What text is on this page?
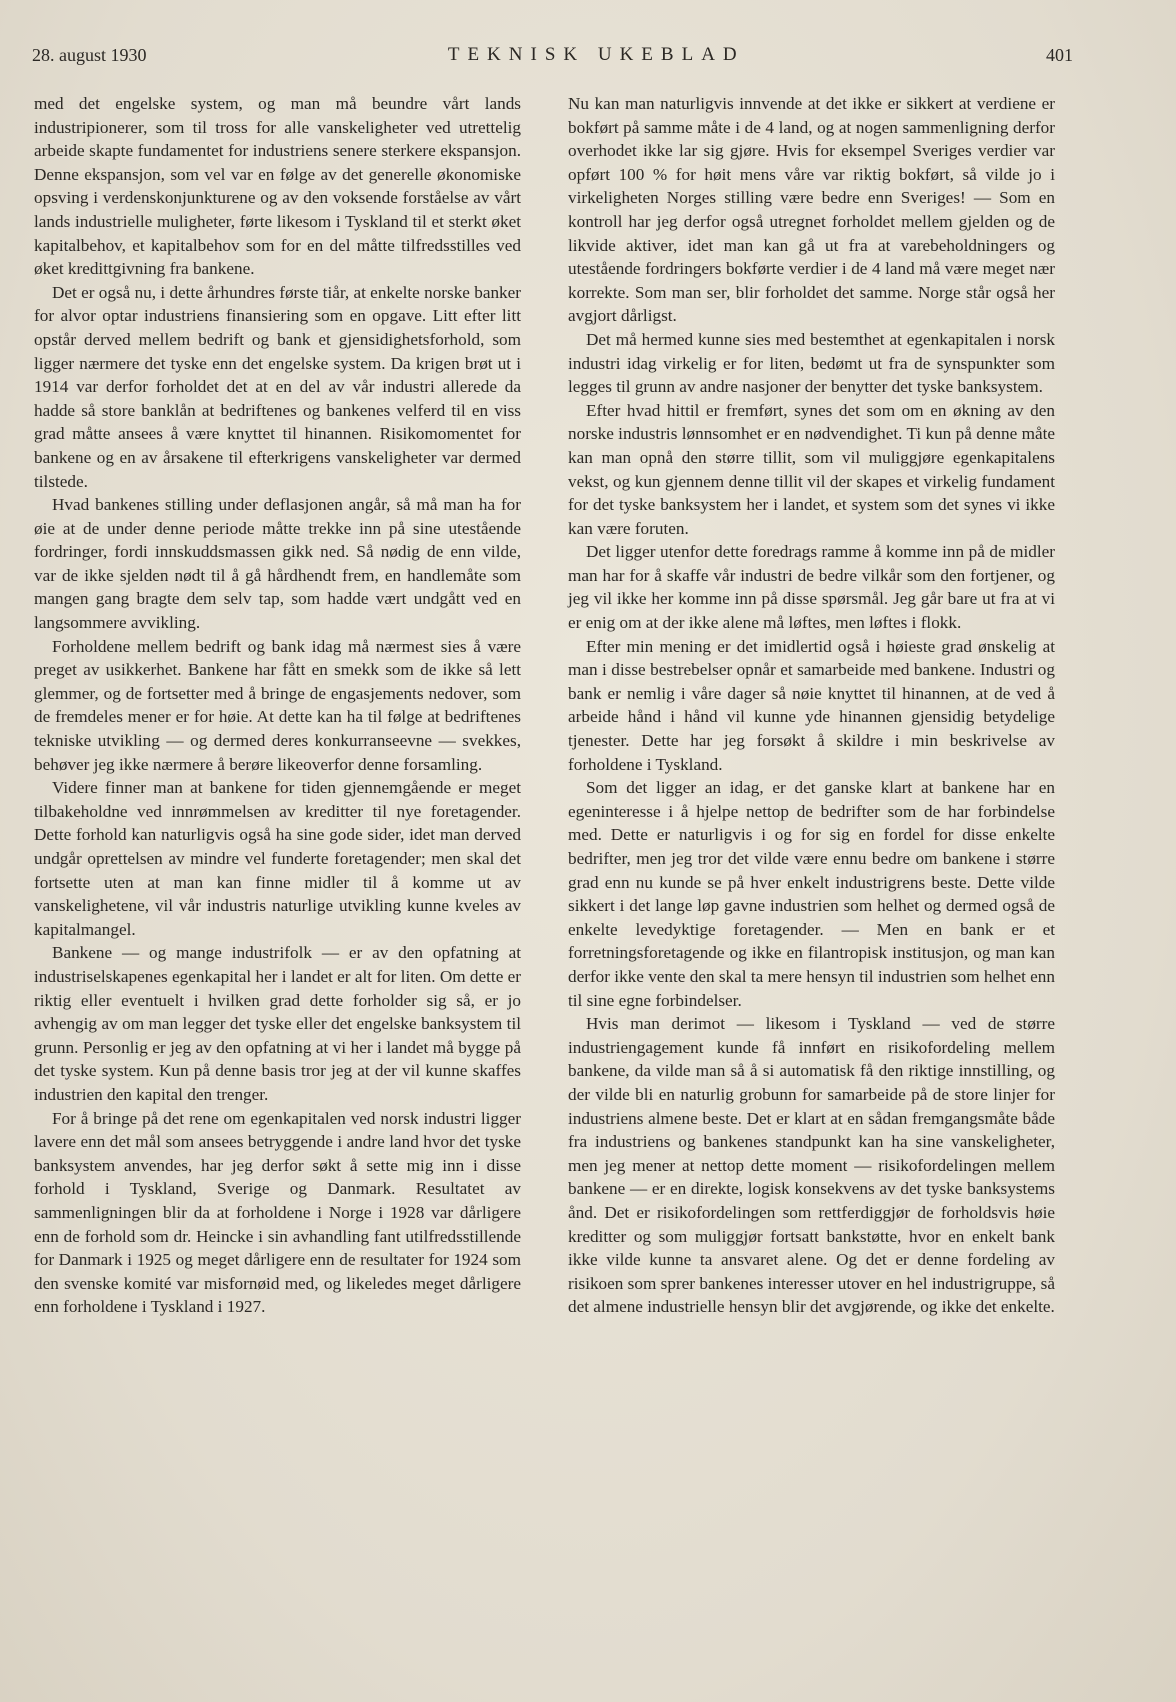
28. august 1930	TEKNISK UKEBLAD	401

med det engelske system, og man må beundre vårt lands industripionerer, som til tross for alle vanskeligheter ved utrettelig arbeide skapte fundamentet for industriens senere sterkere ekspansjon. Denne ekspansjon, som vel var en følge av det generelle økonomiske opsving i verdenskonjunkturene og av den voksende forståelse av vårt lands industrielle muligheter, førte likesom i Tyskland til et sterkt øket kapitalbehov, et kapitalbehov som for en del måtte tilfredsstilles ved øket kredittgivning fra bankene.

Det er også nu, i dette århundres første tiår, at enkelte norske banker for alvor optar industriens finansiering som en opgave. Litt efter litt opstår derved mellem bedrift og bank et gjensidighetsforhold, som ligger nærmere det tyske enn det engelske system. Da krigen brøt ut i 1914 var derfor forholdet det at en del av vår industri allerede da hadde så store banklån at bedriftenes og bankenes velferd til en viss grad måtte ansees å være knyttet til hinannen. Risikomomentet for bankene og en av årsakene til efterkrigens vanskeligheter var dermed tilstede.

Hvad bankenes stilling under deflasjonen angår, så må man ha for øie at de under denne periode måtte trekke inn på sine utestående fordringer, fordi innskuddsmassen gikk ned. Så nødig de enn vilde, var de ikke sjelden nødt til å gå hårdhendt frem, en handlemåte som mangen gang bragte dem selv tap, som hadde vært undgått ved en langsommere avvikling.

Forholdene mellem bedrift og bank idag må nærmest sies å være preget av usikkerhet. Bankene har fått en smekk som de ikke så lett glemmer, og de fortsetter med å bringe de engasjements nedover, som de fremdeles mener er for høie. At dette kan ha til følge at bedriftenes tekniske utvikling — og dermed deres konkurranseevne — svekkes, behøver jeg ikke nærmere å berøre likeoverfor denne forsamling.

Videre finner man at bankene for tiden gjennemgående er meget tilbakeholdne ved innrømmelsen av kreditter til nye foretagender. Dette forhold kan naturligvis også ha sine gode sider, idet man derved undgår oprettelsen av mindre vel funderte foretagender; men skal det fortsette uten at man kan finne midler til å komme ut av vanskelighetene, vil vår industris naturlige utvikling kunne kveles av kapitalmangel.

Bankene — og mange industrifolk — er av den opfatning at industriselskapenes egenkapital her i landet er alt for liten. Om dette er riktig eller eventuelt i hvilken grad dette forholder sig så, er jo avhengig av om man legger det tyske eller det engelske banksystem til grunn. Personlig er jeg av den opfatning at vi her i landet må bygge på det tyske system. Kun på denne basis tror jeg at der vil kunne skaffes industrien den kapital den trenger.

For å bringe på det rene om egenkapitalen ved norsk industri ligger lavere enn det mål som ansees betryggende i andre land hvor det tyske banksystem anvendes, har jeg derfor søkt å sette mig inn i disse forhold i Tyskland, Sverige og Danmark. Resultatet av sammenligningen blir da at forholdene i Norge i 1928 var dårligere enn de forhold som dr. Heincke i sin avhandling fant utilfredsstillende for Danmark i 1925 og meget dårligere enn de resultater for 1924 som den svenske komité var misfornøid med, og likeledes meget dårligere enn forholdene i Tyskland i 1927.

Nu kan man naturligvis innvende at det ikke er sikkert at verdiene er bokført på samme måte i de 4 land, og at nogen sammenligning derfor overhodet ikke lar sig gjøre. Hvis for eksempel Sveriges verdier var opført 100 % for høit mens våre var riktig bokført, så vilde jo i virkeligheten Norges stilling være bedre enn Sveriges! — Som en kontroll har jeg derfor også utregnet forholdet mellem gjelden og de likvide aktiver, idet man kan gå ut fra at varebeholdningers og utestående fordringers bokførte verdier i de 4 land må være meget nær korrekte. Som man ser, blir forholdet det samme. Norge står også her avgjort dårligst.

Det må hermed kunne sies med bestemthet at egenkapitalen i norsk industri idag virkelig er for liten, bedømt ut fra de synspunkter som legges til grunn av andre nasjoner der benytter det tyske banksystem.

Efter hvad hittil er fremført, synes det som om en økning av den norske industris lønnsomhet er en nødvendighet. Ti kun på denne måte kan man opnå den større tillit, som vil muliggjøre egenkapitalens vekst, og kun gjennem denne tillit vil der skapes et virkelig fundament for det tyske banksystem her i landet, et system som det synes vi ikke kan være foruten.

Det ligger utenfor dette foredrags ramme å komme inn på de midler man har for å skaffe vår industri de bedre vilkår som den fortjener, og jeg vil ikke her komme inn på disse spørsmål. Jeg går bare ut fra at vi er enig om at der ikke alene må løftes, men løftes i flokk.

Efter min mening er det imidlertid også i høieste grad ønskelig at man i disse bestrebelser opnår et samarbeide med bankene. Industri og bank er nemlig i våre dager så nøie knyttet til hinannen, at de ved å arbeide hånd i hånd vil kunne yde hinannen gjensidig betydelige tjenester. Dette har jeg forsøkt å skildre i min beskrivelse av forholdene i Tyskland.

Som det ligger an idag, er det ganske klart at bankene har en egeninteresse i å hjelpe nettop de bedrifter som de har forbindelse med. Dette er naturligvis i og for sig en fordel for disse enkelte bedrifter, men jeg tror det vilde være ennu bedre om bankene i større grad enn nu kunde se på hver enkelt industrigrens beste. Dette vilde sikkert i det lange løp gavne industrien som helhet og dermed også de enkelte levedyktige foretagender. — Men en bank er et forretningsforetagende og ikke en filantropisk institusjon, og man kan derfor ikke vente den skal ta mere hensyn til industrien som helhet enn til sine egne forbindelser.

Hvis man derimot — likesom i Tyskland — ved de større industriengagement kunde få innført en risikofordeling mellem bankene, da vilde man så å si automatisk få den riktige innstilling, og der vilde bli en naturlig grobunn for samarbeide på de store linjer for industriens almene beste. Det er klart at en sådan fremgangsmåte både fra industriens og bankenes standpunkt kan ha sine vanskeligheter, men jeg mener at nettop dette moment — risikofordelingen mellem bankene — er en direkte, logisk konsekvens av det tyske banksystems ånd. Det er risikofordelingen som rettferdiggjør de forholdsvis høie kreditter og som muliggjør fortsatt bankstøtte, hvor en enkelt bank ikke vilde kunne ta ansvaret alene. Og det er denne fordeling av risikoen som sprer bankenes interesser utover en hel industrigruppe, så det almene industrielle hensyn blir det avgjørende, og ikke det enkelte.
